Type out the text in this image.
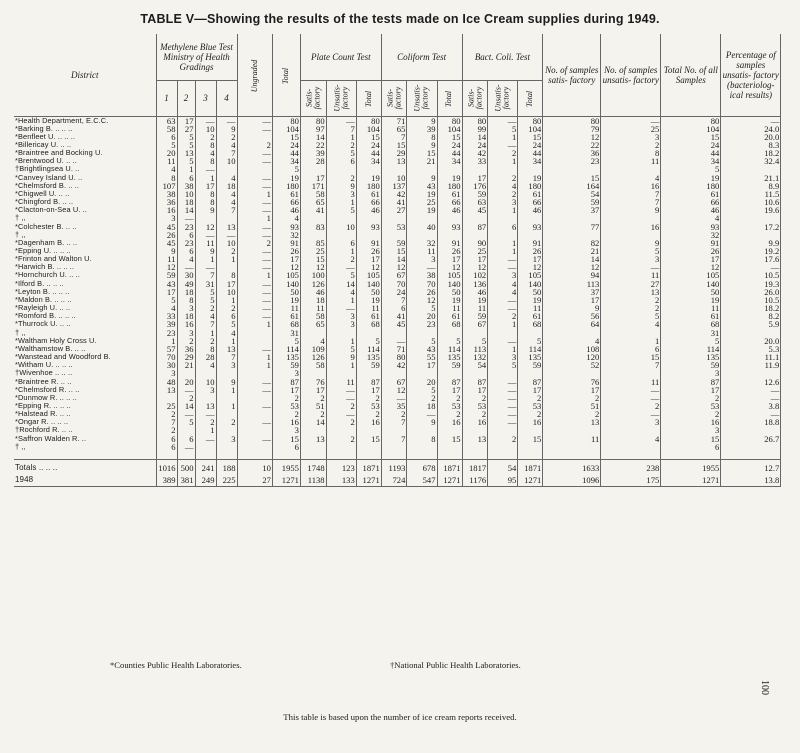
TABLE V—Showing the results of the tests made on Ice Cream supplies during 1949.
District	Methylene Blue Test Ministry of Health Gradings				Ungraded	Total	Plate Count Test			Coliform Test			Bact. Coli. Test			No. of samples satis- factory	No. of samples unsatis- factory	Total No. of all Samples	Percentage of samples unsatis- factory (bacteriolog- ical results)
	1	2	3	4			Satis- factory	Unsatis- factory	Total	Satis- factory	Unsatis- factory	Total	Satis- factory	Unsatis- factory	Total				
*Health Department, E.C.C.	63	17	—	—	—	80	80	—	80	71	9	80	80	—	80	80	—	80	—
*Barking B. .. .. ..	58	27	10	9	—	104	97	7	104	65	39	104	99	5	104	79	25	104	24.0
*Benfleet U. .. .. ..	6	5	2	2		15	14	1	15	7	8	15	14	1	15	12	3	15	20.0
*Billericay U. .. ..	5	5	8	4	2	24	22	2	24	15	9	24	24	—	24	22	2	24	8.3
*Braintree and Bocking U.	20	13	4	7	—	44	39	5	44	29	15	44	42	2	44	36	8	44	18.2
*Brentwood U. .. ..	11	5	8	10	—	34	28	6	34	13	21	34	33	1	34	23	11	34	32.4
†Brightlingsea U. ..	4	1	—			5												5	
*Canvey Island U. ..	8	6	1	4	—	19	17	2	19	10	9	19	17	2	19	15	4	19	21.1
*Chelmsford B. .. ..	107	38	17	18	—	180	171	9	180	137	43	180	176	4	180	164	16	180	8.9
*Chigwell U. .. ..	38	10	8	4	1	61	58	3	61	42	19	61	59	2	61	54	7	61	11.5
*Chingford B. .. ..	36	18	8	4	—	66	65	1	66	41	25	66	63	3	66	59	7	66	10.6
*Clacton-on-Sea U. ..	16	14	9	7	—	46	41	5	46	27	19	46	45	1	46	37	9	46	19.6
† ,,	3	—			1	4												4	
*Colchester B. .. ..	45	23	12	13	—	93	83	10	93	53	40	93	87	6	93	77	16	93	17.2
† ,,	26	6	—	—	—	32												32	
*Dagenham B. .. ..	45	23	11	10	2	91	85	6	91	59	32	91	90	1	91	82	9	91	9.9
*Epping U. .. .. ..	9	6	9	2	—	26	25	1	26	15	11	26	25	1	26	21	5	26	19.2
*Frinton and Walton U.	11	4	1	1	—	17	15	2	17	14	3	17	17	—	17	14	3	17	17.6
*Harwich B. .. .. ..	12	—	—		—	12	12	—	12	12	—	12	12	—	12	12	—	12	—
*Hornchurch U. .. ..	59	30	7	8	1	105	100	5	105	67	38	105	102	3	105	94	11	105	10.5
*Ilford B. .. .. ..	43	49	31	17	—	140	126	14	140	70	70	140	136	4	140	113	27	140	19.3
*Leyton B. .. .. ..	17	18	5	10	—	50	46	4	50	24	26	50	46	4	50	37	13	50	26.0
*Maldon B. .. .. ..	5	8	5	1	—	19	18	1	19	7	12	19	19	—	19	17	2	19	10.5
*Rayleigh U. .. ..	4	3	2	2	—	11	11	—	11	6	5	11	11	—	11	9	2	11	18.2
*Romford B. .. .. ..	33	18	4	6	—	61	58	3	61	41	20	61	59	2	61	56	5	61	8.2
*Thurrock U. .. ..	39	16	7	5	1	68	65	3	68	45	23	68	67	1	68	64	4	68	5.9
† ,,	23	3	1	4		31												31	
*Waltham Holy Cross U.	1	2	2	1		5	4	1	5	—	5	5	5	—	5	4	1	5	20.0
*Walthamstow B. .. ..	57	36	8	13	—	114	109	5	114	71	43	114	113	1	114	108	6	114	5.3
*Wanstead and Woodford B.	70	29	28	7	1	135	126	9	135	80	55	135	132	3	135	120	15	135	11.1
*Witham U. .. .. ..	30	21	4	3	1	59	58	1	59	42	17	59	54	5	59	52	7	59	11.9
†Wivenhoe .. .. ..	3					3												3	
*Braintree R. .. ..	48	20	10	9	—	87	76	11	87	67	20	87	87	—	87	76	11	87	12.6
*Chelmsford R. .. ..	13	—	3	1	—	17	17	—	17	12	5	17	17	—	17	17	—	17	—
*Dunmow R. .. .. ..		2				2	2	—	2	—	2	2	2	—	2	2	—	2	—
*Epping R. .. .. ..	25	14	13	1	—	53	51	2	53	35	18	53	53	—	53	51	2	53	3.8
*Halstead R. .. ..	2	—	—			2	2	—	2	2	—	2	2	—	2	2	—	2	—
*Ongar R. .. .. ..	7	5	2	2	—	16	14	2	16	7	9	16	16	—	16	13	3	16	18.8
†Rochford R. .. ..	2		1			3												3	
*Saffron Walden R. ..	6	6	—	3	—	15	13	2	15	7	8	15	13	2	15	11	4	15	26.7
† ,,	6	—				6												6	

Totals .. .. ..	1016	500	241	188	10	1955	1748	123	1871	1193	678	1871	1817	54	1871	1633	238	1955	12.7
1948	389	381	249	225	27	1271	1138	133	1271	724	547	1271	1176	95	1271	1096	175	1271	13.8
*Counties Public Health Laboratories.	†National Public Health Laboratories.
This table is based upon the number of ice cream reports received.
100
